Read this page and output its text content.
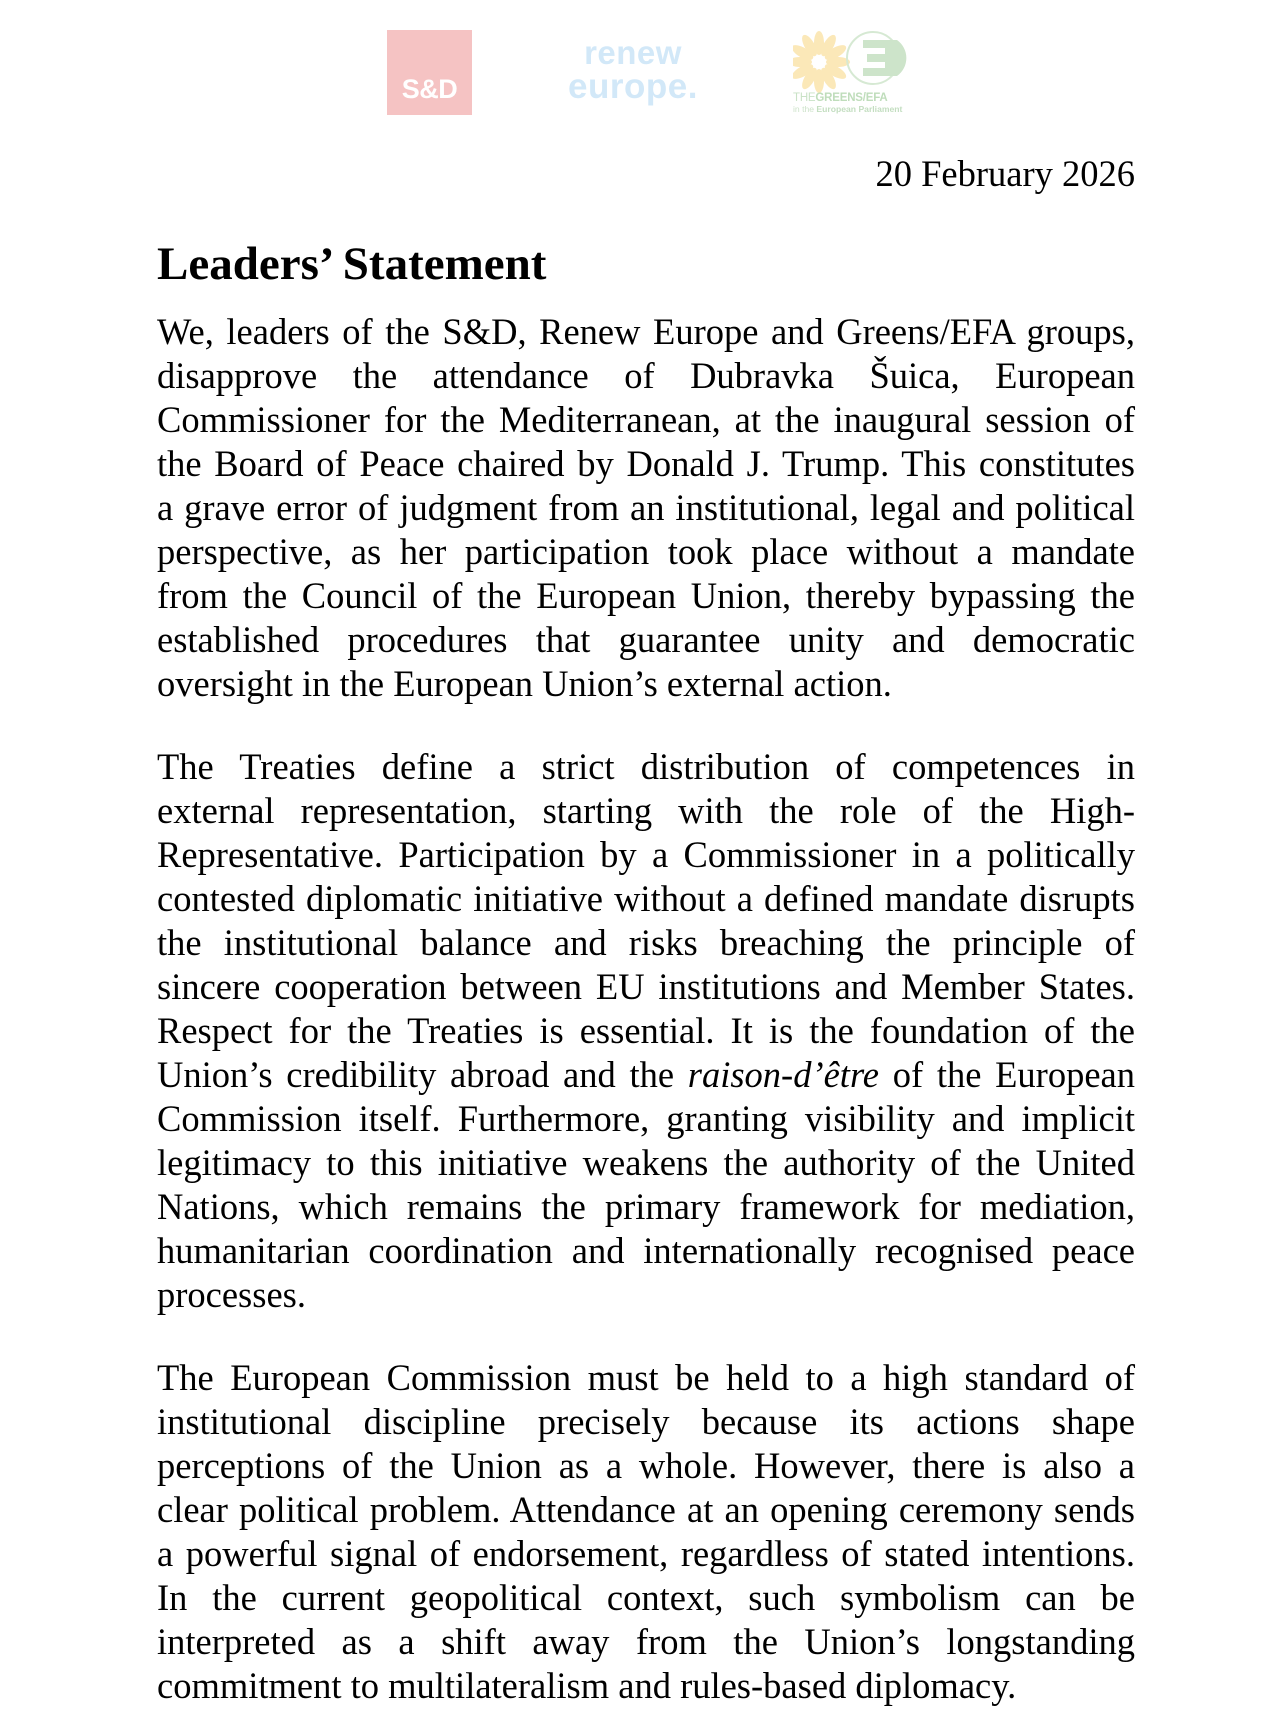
S&D
renew
europe.	THEGREENS/EFA
in the European Parliament
20 February 2026
Leaders’ Statement

We, leaders of the S&D, Renew Europe and Greens/EFA groups,
disapprove the attendance of Dubravka Šuica, European
Commissioner for the Mediterranean, at the inaugural session of
the Board of Peace chaired by Donald J. Trump. This constitutes
a grave error of judgment from an institutional, legal and political
perspective, as her participation took place without a mandate
from the Council of the European Union, thereby bypassing the
established procedures that guarantee unity and democratic
oversight in the European Union’s external action.

The Treaties define a strict distribution of competences in
external representation, starting with the role of the High-
Representative. Participation by a Commissioner in a politically
contested diplomatic initiative without a defined mandate disrupts
the institutional balance and risks breaching the principle of
sincere cooperation between EU institutions and Member States.
Respect for the Treaties is essential. It is the foundation of the
Union’s credibility abroad and the raison-d’être of the European
Commission itself. Furthermore, granting visibility and implicit
legitimacy to this initiative weakens the authority of the United
Nations, which remains the primary framework for mediation,
humanitarian coordination and internationally recognised peace
processes.

The European Commission must be held to a high standard of
institutional discipline precisely because its actions shape
perceptions of the Union as a whole. However, there is also a
clear political problem. Attendance at an opening ceremony sends
a powerful signal of endorsement, regardless of stated intentions.
In the current geopolitical context, such symbolism can be
interpreted as a shift away from the Union’s longstanding
commitment to multilateralism and rules-based diplomacy.
